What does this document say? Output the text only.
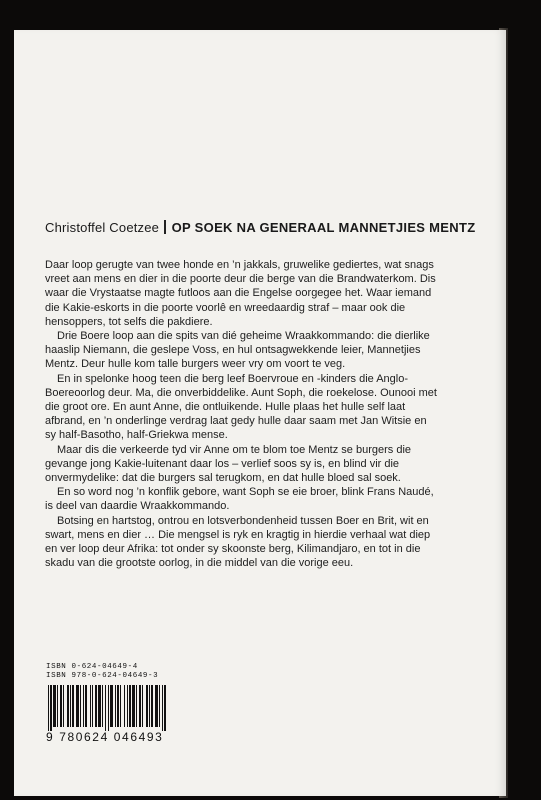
Christoffel Coetzee OP SOEK NA GENERAAL MANNETJIES MENTZ

Daar loop gerugte van twee honde en ’n jakkals, gruwelike gediertes, wat snags vreet aan mens en dier in die poorte deur die berge van die Brandwaterkom. Dis waar die Vrystaatse magte futloos aan die Engelse oorgegee het. Waar iemand die Kakie-eskorts in die poorte voorlê en wreedaardig straf – maar ook die hensoppers, tot selfs die pakdiere.

Drie Boere loop aan die spits van dié geheime Wraakkommando: die dierlike haaslip Niemann, die geslepe Voss, en hul ontsagwekkende leier, Mannetjies Mentz. Deur hulle kom talle burgers weer vry om voort te veg.

En in spelonke hoog teen die berg leef Boervroue en -kinders die Anglo-Boereoorlog deur. Ma, die onverbiddelike. Aunt Soph, die roekelose. Ounooi met die groot ore. En aunt Anne, die ontluikende. Hulle plaas het hulle self laat afbrand, en ’n onderlinge verdrag laat gedy hulle daar saam met Jan Witsie en sy half-Basotho, half-Griekwa mense.

Maar dis die verkeerde tyd vir Anne om te blom toe Mentz se burgers die gevange jong Kakie-luitenant daar los – verlief soos sy is, en blind vir die onvermydelike: dat die burgers sal terugkom, en dat hulle bloed sal soek.

En so word nog ’n konflik gebore, want Soph se eie broer, blink Frans Naudé, is deel van daardie Wraakkommando.

Botsing en hartstog, ontrou en lotsverbondenheid tussen Boer en Brit, wit en swart, mens en dier … Die mengsel is ryk en kragtig in hierdie verhaal wat diep en ver loop deur Afrika: tot onder sy skoonste berg, Kilimandjaro, en tot in die skadu van die grootste oorlog, in die middel van die vorige eeu.

ISBN 0-624-04649-4
ISBN 978-0-624-04649-3
9 780624 046493
